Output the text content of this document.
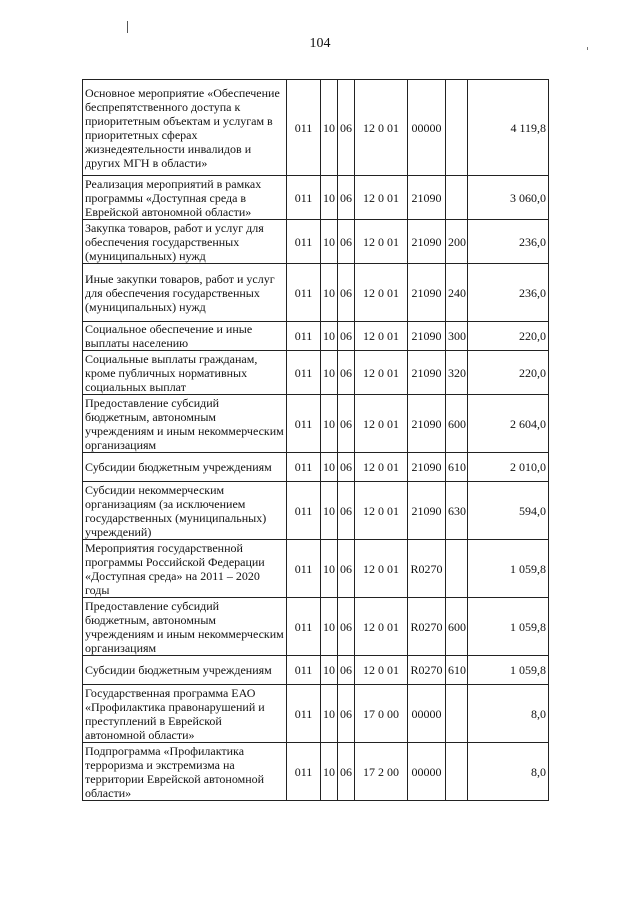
104
Основное мероприятие «Обеспечение беспрепятственного доступа к приоритетным объектам и услугам в приоритетных сферах жизнедеятельности инвалидов и других МГН в области»	011	10	06	12 0 01	00000		4 119,8
Реализация мероприятий в рамках программы «Доступная среда в Еврейской автономной области»	011	10	06	12 0 01	21090		3 060,0
Закупка товаров, работ и услуг для обеспечения государственных (муниципальных) нужд	011	10	06	12 0 01	21090	200	236,0
Иные закупки товаров, работ и услуг для обеспечения государственных (муниципальных) нужд	011	10	06	12 0 01	21090	240	236,0
Социальное обеспечение и иные выплаты населению	011	10	06	12 0 01	21090	300	220,0
Социальные выплаты гражданам, кроме публичных нормативных социальных выплат	011	10	06	12 0 01	21090	320	220,0
Предоставление субсидий бюджетным, автономным учреждениям и иным некоммерческим организациям	011	10	06	12 0 01	21090	600	2 604,0
Субсидии бюджетным учреждениям	011	10	06	12 0 01	21090	610	2 010,0
Субсидии некоммерческим организациям (за исключением государственных (муниципальных) учреждений)	011	10	06	12 0 01	21090	630	594,0
Мероприятия государственной программы Российской Федерации «Доступная среда» на 2011 – 2020 годы	011	10	06	12 0 01	R0270		1 059,8
Предоставление субсидий бюджетным, автономным учреждениям и иным некоммерческим организациям	011	10	06	12 0 01	R0270	600	1 059,8
Субсидии бюджетным учреждениям	011	10	06	12 0 01	R0270	610	1 059,8
Государственная программа ЕАО «Профилактика правонарушений и преступлений в Еврейской автономной области»	011	10	06	17 0 00	00000		8,0
Подпрограмма «Профилактика терроризма и экстремизма на территории Еврейской автономной области»	011	10	06	17 2 00	00000		8,0
